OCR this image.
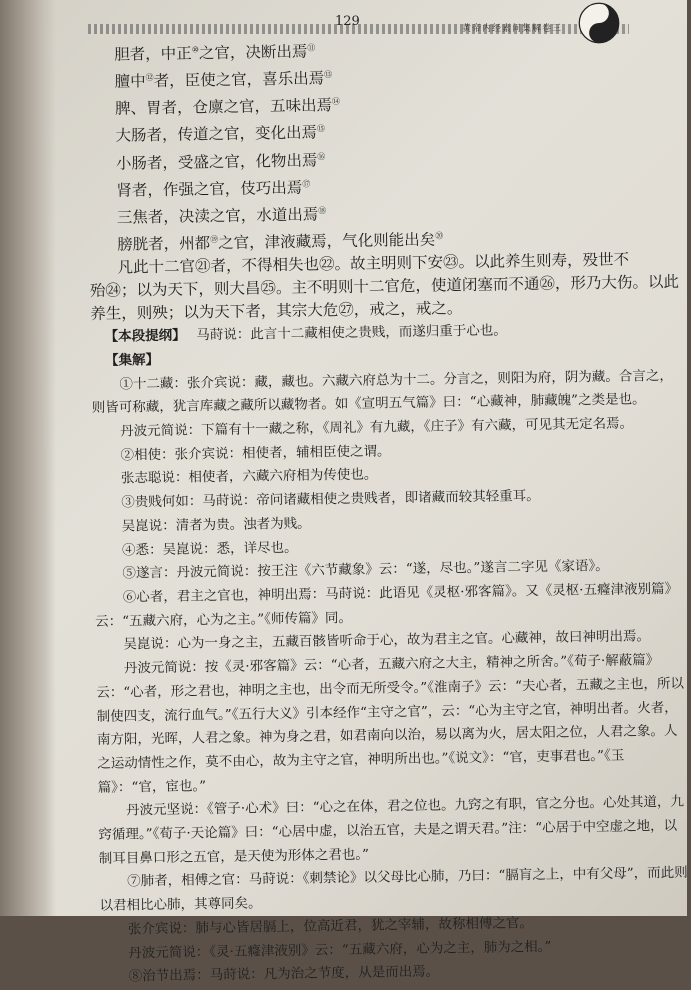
129	黄帝内经素问集解卷三
胆者，中正⑩之官，决断出焉⑪
膻中⑫者，臣使之官，喜乐出焉⑬
脾、胃者，仓廪之官，五味出焉⑭
大肠者，传道之官，变化出焉⑮
小肠者，受盛之官，化物出焉⑯
肾者，作强之官，伎巧出焉⑰
三焦者，决渎之官，水道出焉⑱
膀胱者，州都⑲之官，津液藏焉，气化则能出矣⑳
凡此十二官㉑者，不得相失也㉒。故主明则下安㉓。以此养生则寿，殁世不
殆㉔；以为天下，则大昌㉕。主不明则十二官危，使道闭塞而不通㉖，形乃大伤。以此
养生，则殃；以为天下者，其宗大危㉗，戒之，戒之。
【本段提纲】 马莳说：此言十二藏相使之贵贱，而遂归重于心也。
【集解】
①十二藏：张介宾说：藏，藏也。六藏六府总为十二。分言之，则阳为府，阴为藏。合言之，则皆可称藏，犹言库藏之藏所以藏物者。如《宣明五气篇》曰：“心藏神，肺藏魄”之类是也。
丹波元简说：下篇有十一藏之称，《周礼》有九藏，《庄子》有六藏，可见其无定名焉。
②相使：张介宾说：相使者，辅相臣使之谓。
张志聪说：相使者，六藏六府相为传使也。
③贵贱何如：马莳说：帝问诸藏相使之贵贱者，即诸藏而较其轻重耳。
吴崑说：清者为贵。浊者为贱。
④悉：吴崑说：悉，详尽也。
⑤遂言：丹波元简说：按王注《六节藏象》云：“遂，尽也。”遂言二字见《家语》。
⑥心者，君主之官也，神明出焉：马莳说：此语见《灵枢·邪客篇》。又《灵枢·五癃津液别篇》云：“五藏六府，心为之主。”《师传篇》同。
吴崑说：心为一身之主，五藏百骸皆听命于心，故为君主之官。心藏神，故曰神明出焉。
丹波元简说：按《灵·邪客篇》云：“心者，五藏六府之大主，精神之所舍。”《荀子·解蔽篇》云：“心者，形之君也，神明之主也，出令而无所受令。”《淮南子》云：“夫心者，五藏之主也，所以制使四支，流行血气。”《五行大义》引本经作“主守之官”，云：“心为主守之官，神明出者。火者，南方阳，光晖，人君之象。神为身之君，如君南向以治，易以离为火，居太阳之位，人君之象。人之运动情性之作，莫不由心，故为主守之官，神明所出也。”《说文》：“官，吏事君也。”《玉篇》：“官，宦也。”
丹波元坚说：《管子·心术》曰：“心之在体，君之位也。九窍之有职，官之分也。心处其道，九窍循理。”《荀子·天论篇》曰：“心居中虚，以治五官，夫是之谓天君。”注：“心居于中空虚之地，以制耳目鼻口形之五官，是天使为形体之君也。”
⑦肺者，相傅之官：马莳说：《刺禁论》以父母比心肺，乃曰：“膈肓之上，中有父母”，而此则以君相比心肺，其尊同矣。
张介宾说：肺与心皆居膈上，位高近君，犹之宰辅，故称相傅之官。
丹波元简说：《灵·五癃津液别》云：“五藏六府，心为之主，肺为之相。”
⑧治节出焉：马莳说：凡为治之节度，从是而出焉。
